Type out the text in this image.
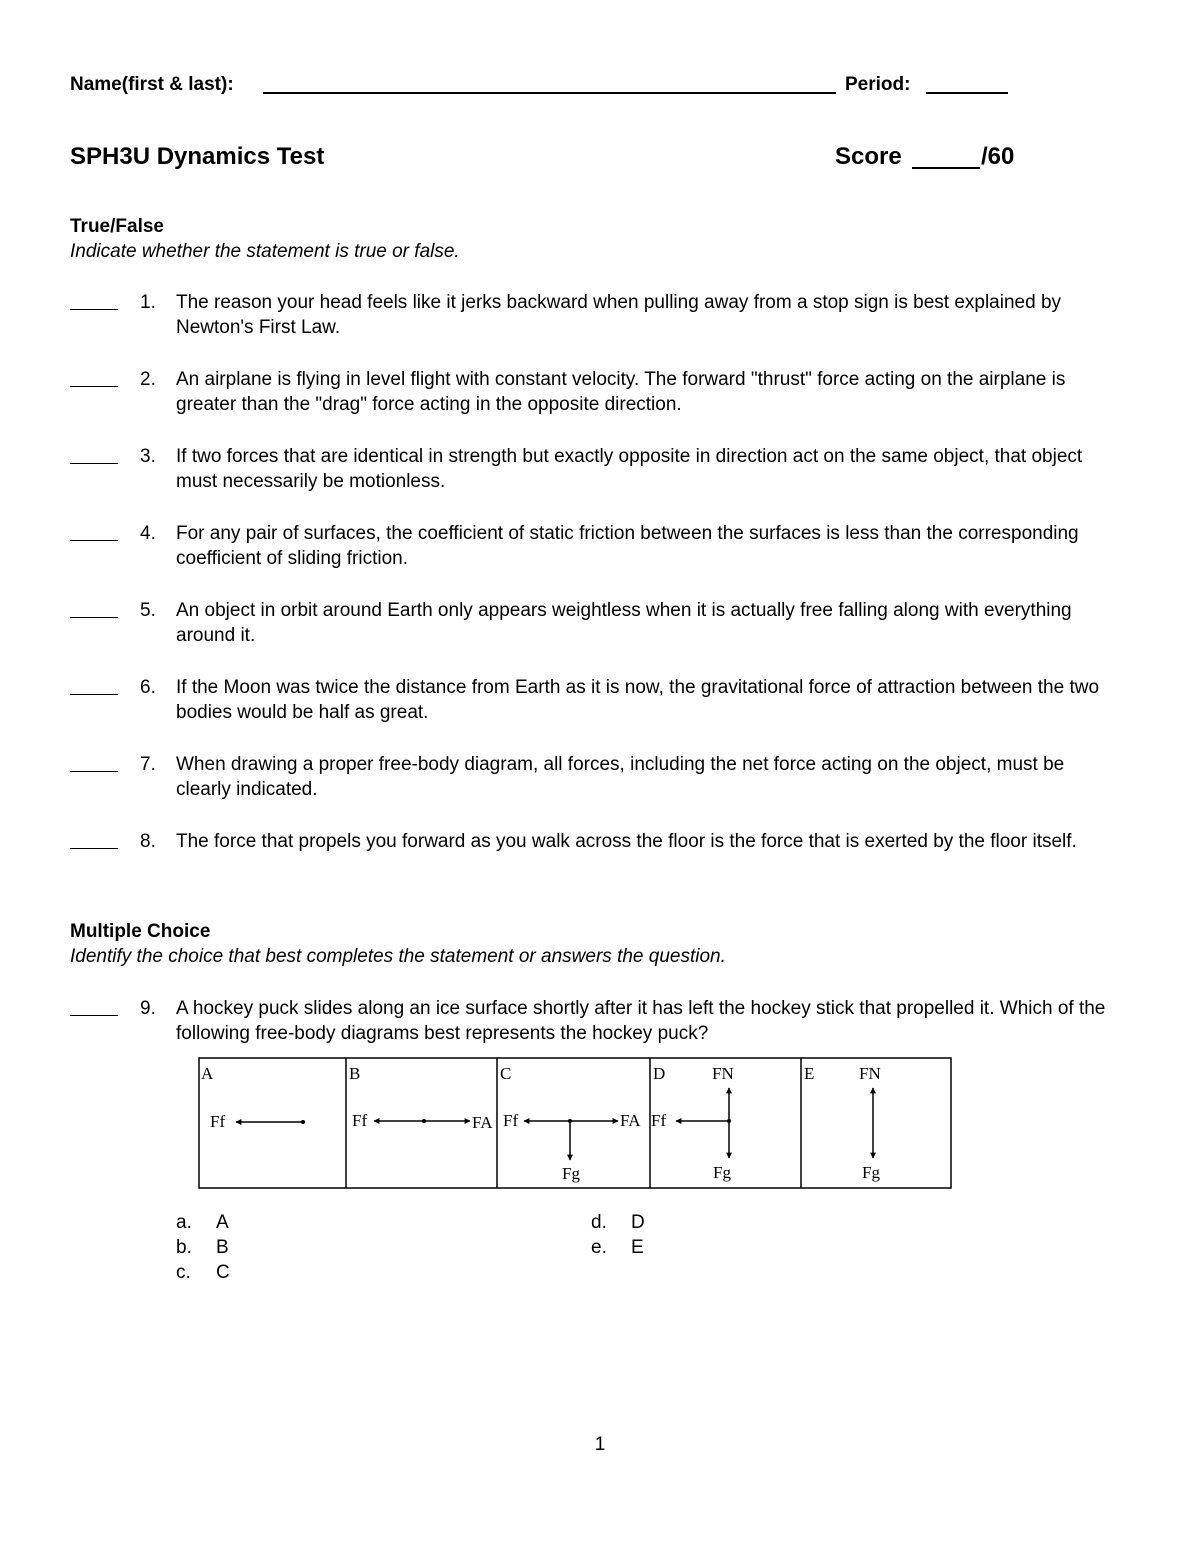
Name(first & last):	Period:
SPH3U Dynamics Test	Score	/60
True/False
Indicate whether the statement is true or false.
1.	The reason your head feels like it jerks backward when pulling away from a stop sign is best explained by Newton's First Law.
2.	An airplane is flying in level flight with constant velocity. The forward "thrust" force acting on the airplane is greater than the "drag" force acting in the opposite direction.
3.	If two forces that are identical in strength but exactly opposite in direction act on the same object, that object must necessarily be motionless.
4.	For any pair of surfaces, the coefficient of static friction between the surfaces is less than the corresponding coefficient of sliding friction.
5.	An object in orbit around Earth only appears weightless when it is actually free falling along with everything around it.
6.	If the Moon was twice the distance from Earth as it is now, the gravitational force of attraction between the two bodies would be half as great.
7.	When drawing a proper free-body diagram, all forces, including the net force acting on the object, must be clearly indicated.
8.	The force that propels you forward as you walk across the floor is the force that is exerted by the floor itself.
Multiple Choice
Identify the choice that best completes the statement or answers the question.
9.	A hockey puck slides along an ice surface shortly after it has left the hockey stick that propelled it. Which of the following free-body diagrams best represents the hockey puck?
A
Ff
B
Ff	FA
C
Ff	FA
Fg
D
Ff
FN
Fg
E	FN
Fg
a. A
b. B
c. C
d. D
e. E
1
